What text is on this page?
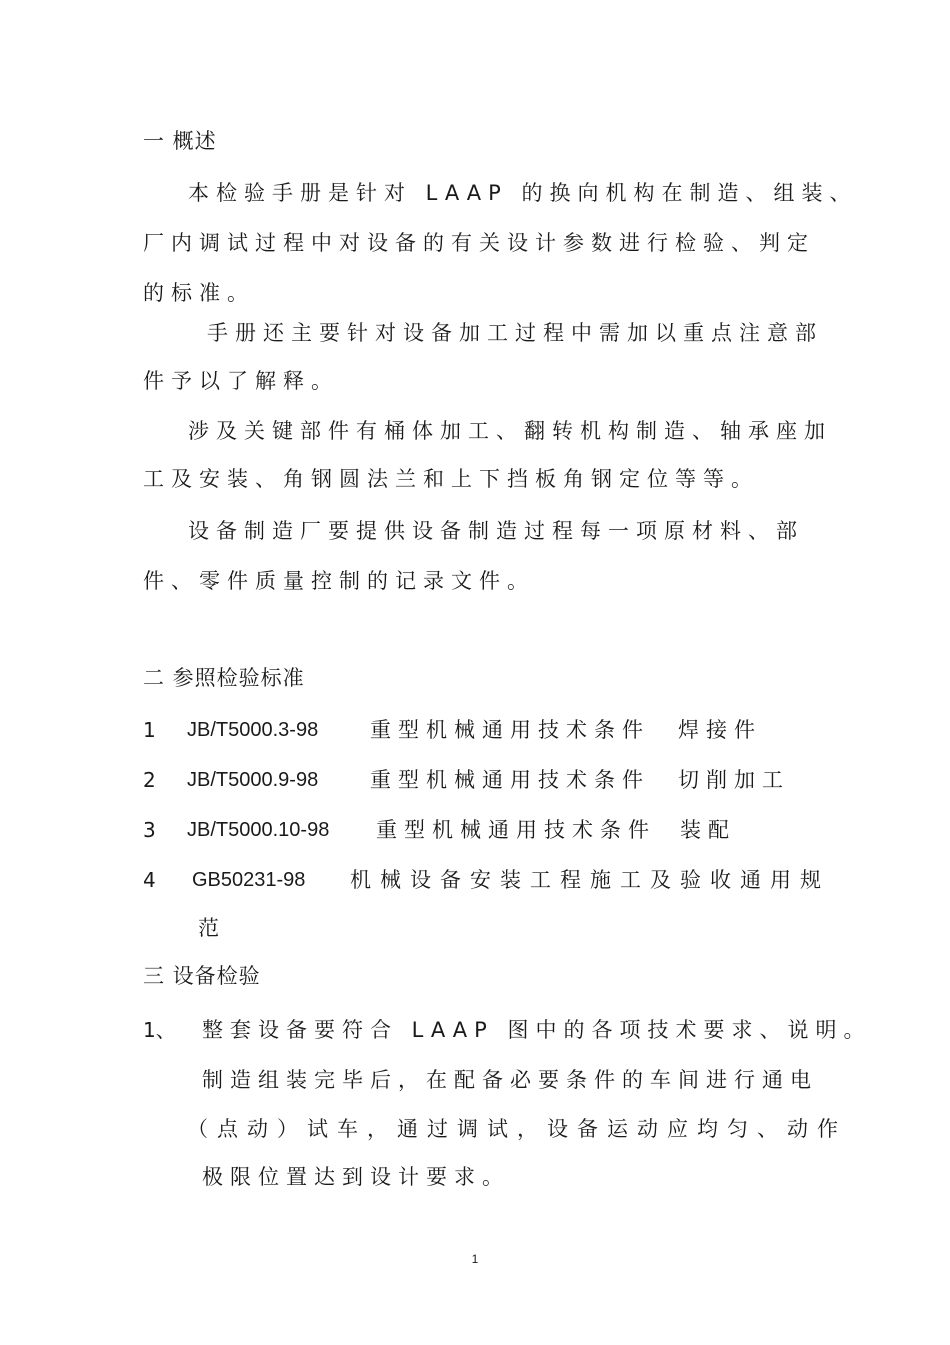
一 概述
本检验手册是针对 LAAP 的换向机构在制造、组装、
厂内调试过程中对设备的有关设计参数进行检验、判定
的标准。
手册还主要针对设备加工过程中需加以重点注意部
件予以了解释。
涉及关键部件有桶体加工、翻转机构制造、轴承座加
工及安装、角钢圆法兰和上下挡板角钢定位等等。
设备制造厂要提供设备制造过程每一项原材料、部
件、零件质量控制的记录文件。
二 参照检验标准
1 JB/T5000.3-98 重型机械通用技术条件 焊接件
2 JB/T5000.9-98 重型机械通用技术条件 切削加工
3 JB/T5000.10-98 重型机械通用技术条件 装配
4 GB50231-98 机械设备安装工程施工及验收通用规
范
三 设备检验
1、 整套设备要符合 LAAP 图中的各项技术要求、说明。
制造组装完毕后，在配备必要条件的车间进行通电
（点动）试车，通过调试，设备运动应均匀、动作
极限位置达到设计要求。
1
